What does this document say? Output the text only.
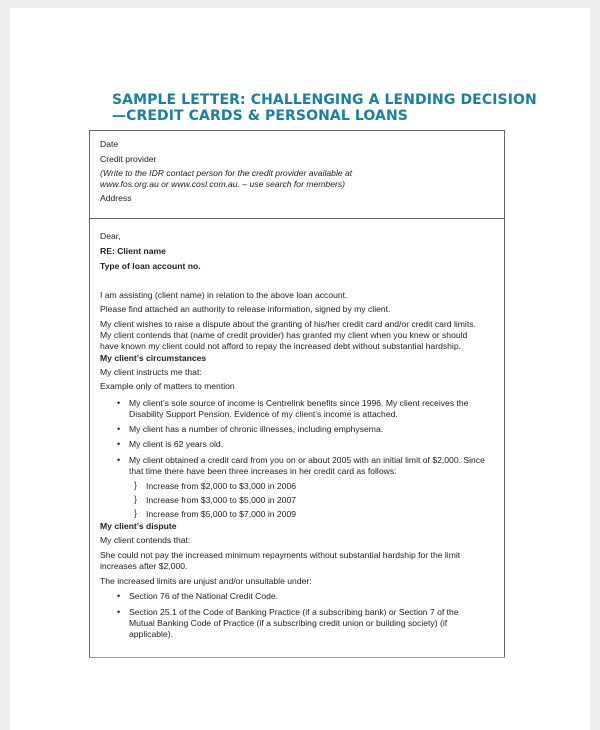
SAMPLE LETTER: CHALLENGING A LENDING DECISION
—CREDIT CARDS & PERSONAL LOANS

Date

Credit provider

(Write to the IDR contact person for the credit provider available at

www.fos.org.au or www.cosl.com.au. – use search for members)

Address

Dear,

RE: Client name

Type of loan account no.

I am assisting (client name) in relation to the above loan account.

Please find attached an authority to release information, signed by my client.

My client wishes to raise a dispute about the granting of his/her credit card and/or credit card limits.

My client contends that (name of credit provider) has granted my client when you knew or should

have known my client could not afford to repay the increased debt without substantial hardship.

My client’s circumstances

My client instructs me that:

Example only of matters to mention

• My client’s sole source of income is Centrelink benefits since 1996. My client receives the

Disability Support Pension. Evidence of my client’s income is attached.

• My client has a number of chronic illnesses, including emphysema.

• My client is 62 years old.

• My client obtained a credit card from you on or about 2005 with an initial limit of $2,000. Since

that time there have been three increases in her credit card as follows:

} Increase from $2,000 to $3,000 in 2006

} Increase from $3,000 to $5,000 in 2007

} Increase from $5,000 to $7,000 in 2009

My client’s dispute

My client contends that:

She could not pay the increased minimum repayments without substantial hardship for the limit

increases after $2,000.

The increased limits are unjust and/or unsuitable under:

• Section 76 of the National Credit Code.

• Section 25.1 of the Code of Banking Practice (if a subscribing bank) or Section 7 of the

Mutual Banking Code of Practice (if a subscribing credit union or building society) (if

applicable).
